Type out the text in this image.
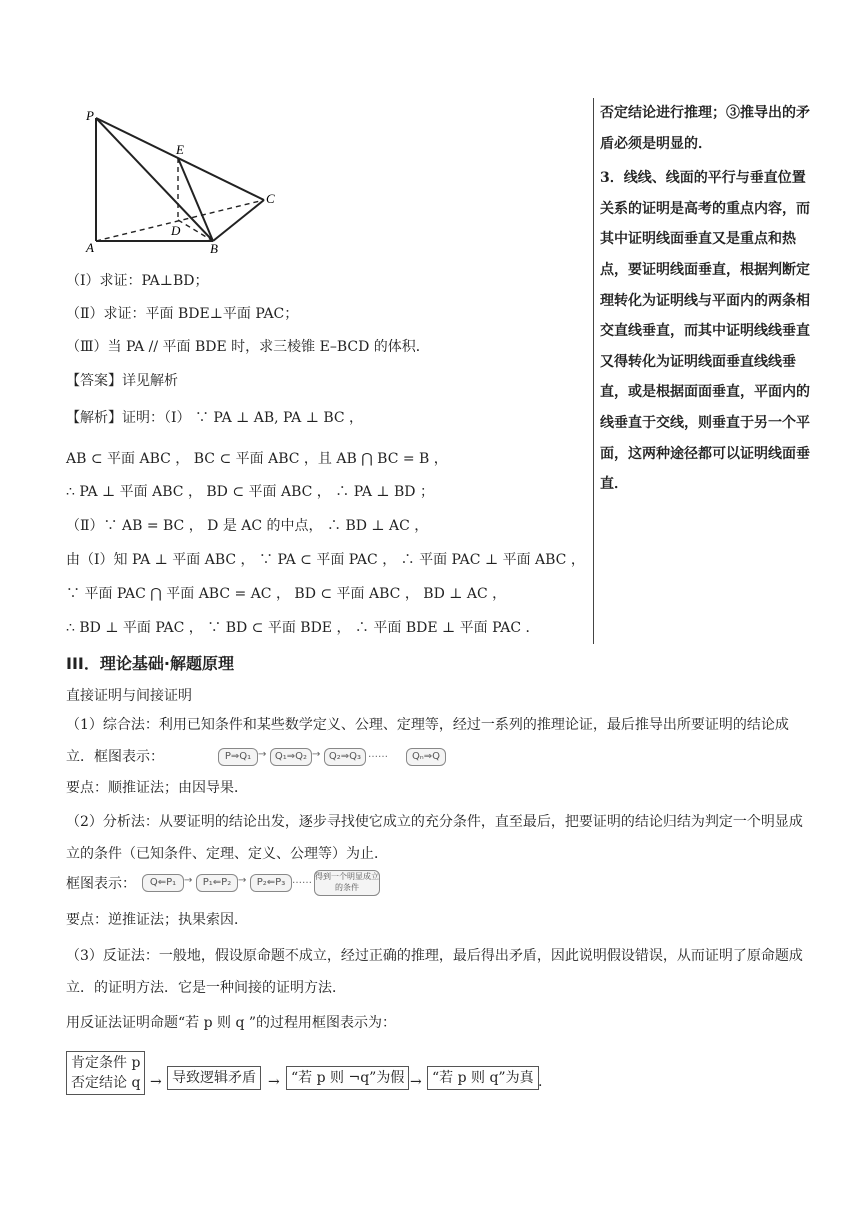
P
E
C
D
A	B
（Ⅰ）求证：PA⊥BD；
（Ⅱ）求证：平面 BDE⊥平面 PAC；
（Ⅲ）当 PA // 平面 BDE 时，求三棱锥 E–BCD 的体积．
【答案】详见解析
【解析】证明：（Ⅰ） ∵ PA ⊥ AB, PA ⊥ BC ，
AB ⊂ 平面 ABC ， BC ⊂ 平面 ABC ，且 AB ⋂ BC = B ，
∴ PA ⊥ 平面 ABC ， BD ⊂ 平面 ABC ， ∴ PA ⊥ BD ；
（Ⅱ）∵ AB = BC ， D 是 AC 的中点， ∴ BD ⊥ AC ，
由（Ⅰ）知 PA ⊥ 平面 ABC ， ∵ PA ⊂ 平面 PAC ， ∴ 平面 PAC ⊥ 平面 ABC ，
∵ 平面 PAC ⋂ 平面 ABC = AC ， BD ⊂ 平面 ABC ， BD ⊥ AC ，
∴ BD ⊥ 平面 PAC ， ∵ BD ⊂ 平面 BDE ， ∴ 平面 BDE ⊥ 平面 PAC ．

否定结论进行推理；③推导出的矛盾必须是明显的．

3．线线、线面的平行与垂直位置关系的证明是高考的重点内容，而其中证明线面垂直又是重点和热点，要证明线面垂直，根据判断定理转化为证明线与平面内的两条相交直线垂直，而其中证明线线垂直又得转化为证明线面垂直线线垂直，或是根据面面垂直，平面内的线垂直于交线，则垂直于另一个平面，这两种途径都可以证明线面垂直．

III．理论基础·解题原理
直接证明与间接证明
（1）综合法：利用已知条件和某些数学定义、公理、定理等，经过一系列的推理论证，最后推导出所要证明的结论成立．框图表示：	P⇒Q₁ → Q₁⇒Q₂ → Q₂⇒Q₃ ……	Qₙ⇒Q
要点：顺推证法；由因导果．
（2）分析法：从要证明的结论出发，逐步寻找使它成立的充分条件，直至最后，把要证明的结论归结为判定一个明显成立的条件（已知条件、定理、定义、公理等）为止．
框图表示：	Q⇐P₁ →	P₁⇐P₂ →	P₂⇐P₃ …… 得到一个明显成立的条件
要点：逆推证法；执果索因．
（3）反证法：一般地，假设原命题不成立，经过正确的推理，最后得出矛盾，因此说明假设错误，从而证明了原命题成立．的证明方法．它是一种间接的证明方法．
用反证法证明命题“若 p 则 q ”的过程用框图表示为：
肯定条件 p
否定结论 q → 导致逻辑矛盾 → “若 p 则 ¬q”为假 → “若 p 则 q”为真 .
